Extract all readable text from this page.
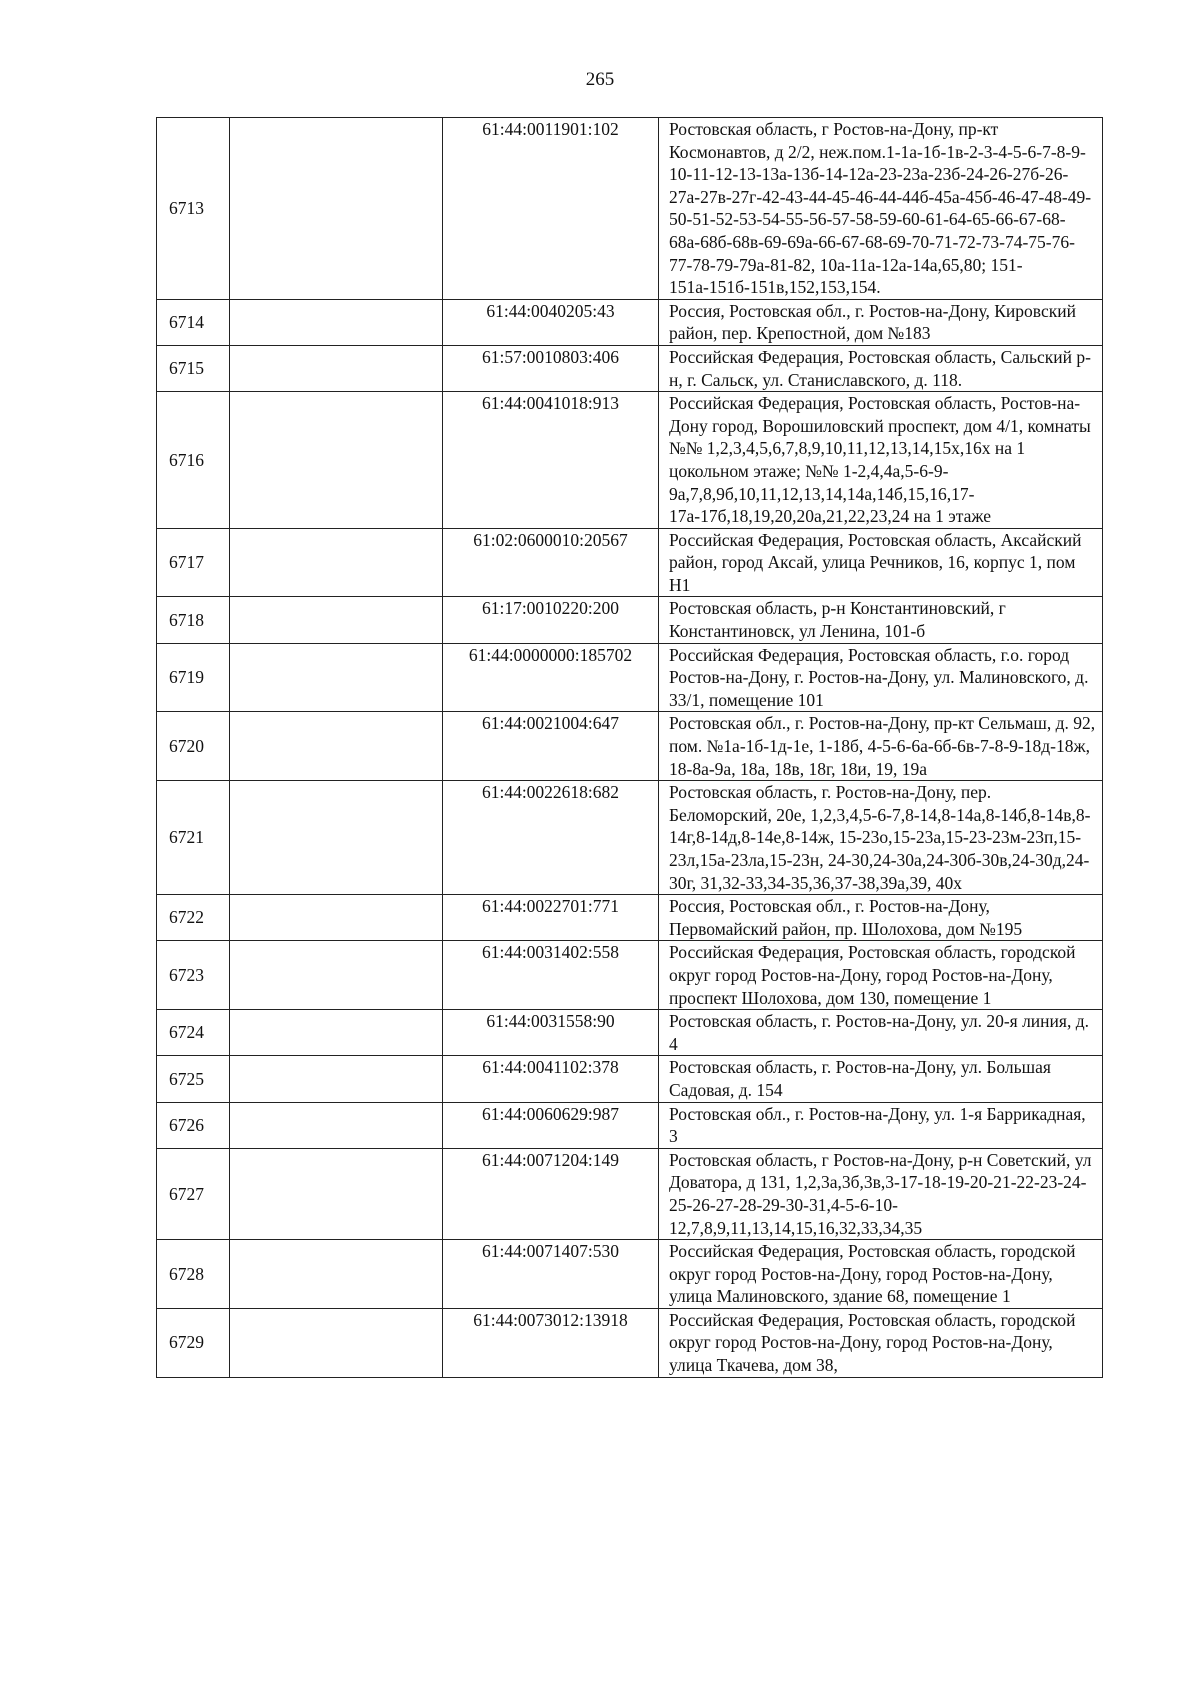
265
6713		61:44:0011901:102	Ростовская область, г Ростов-на-Дону, пр-кт Космонавтов, д 2/2, неж.пом.1-1а-1б-1в-2-3-4-5-6-7-8-9-10-11-12-13-13а-13б-14-12а-23-23а-23б-24-26-27б-26-27а-27в-27г-42-43-44-45-46-44-44б-45а-45б-46-47-48-49-50-51-52-53-54-55-56-57-58-59-60-61-64-65-66-67-68-68а-68б-68в-69-69а-66-67-68-69-70-71-72-73-74-75-76-77-78-79-79а-81-82, 10а-11а-12а-14а,65,80; 151-151а-151б-151в,152,153,154.
6714		61:44:0040205:43	Россия, Ростовская обл., г. Ростов-на-Дону, Кировский район, пер. Крепостной, дом №183
6715		61:57:0010803:406	Российская Федерация, Ростовская область, Сальский р-н, г. Сальск, ул. Станиславского, д. 118.
6716		61:44:0041018:913	Российская Федерация, Ростовская область, Ростов-на-Дону город, Ворошиловский проспект, дом 4/1, комнаты №№ 1,2,3,4,5,6,7,8,9,10,11,12,13,14,15х,16х на 1 цокольном этаже; №№ 1-2,4,4а,5-6-9-9а,7,8,9б,10,11,12,13,14,14а,14б,15,16,17-17а-17б,18,19,20,20а,21,22,23,24 на 1 этаже
6717		61:02:0600010:20567	Российская Федерация, Ростовская область, Аксайский район, город Аксай, улица Речников, 16, корпус 1, пом Н1
6718		61:17:0010220:200	Ростовская область, р-н Константиновский, г Константиновск, ул Ленина, 101-б
6719		61:44:0000000:185702	Российская Федерация, Ростовская область, г.о. город Ростов-на-Дону, г. Ростов-на-Дону, ул. Малиновского, д. 33/1, помещение 101
6720		61:44:0021004:647	Ростовская обл., г. Ростов-на-Дону, пр-кт Сельмаш, д. 92, пом. №1а-1б-1д-1е, 1-18б, 4-5-6-6а-6б-6в-7-8-9-18д-18ж, 18-8а-9а, 18а, 18в, 18г, 18и, 19, 19а
6721		61:44:0022618:682	Ростовская область, г. Ростов-на-Дону, пер. Беломорский, 20е, 1,2,3,4,5-6-7,8-14,8-14а,8-14б,8-14в,8-14г,8-14д,8-14е,8-14ж, 15-23о,15-23а,15-23-23м-23п,15-23л,15а-23ла,15-23н, 24-30,24-30а,24-30б-30в,24-30д,24-30г, 31,32-33,34-35,36,37-38,39а,39, 40х
6722		61:44:0022701:771	Россия, Ростовская обл., г. Ростов-на-Дону, Первомайский район, пр. Шолохова, дом №195
6723		61:44:0031402:558	Российская Федерация, Ростовская область, городской округ город Ростов-на-Дону, город Ростов-на-Дону, проспект Шолохова, дом 130, помещение 1
6724		61:44:0031558:90	Ростовская область, г. Ростов-на-Дону, ул. 20-я линия, д. 4
6725		61:44:0041102:378	Ростовская область, г. Ростов-на-Дону, ул. Большая Садовая, д. 154
6726		61:44:0060629:987	Ростовская обл., г. Ростов-на-Дону, ул. 1-я Баррикадная, 3
6727		61:44:0071204:149	Ростовская область, г Ростов-на-Дону, р-н Советский, ул Доватора, д 131, 1,2,3а,3б,3в,3-17-18-19-20-21-22-23-24-25-26-27-28-29-30-31,4-5-6-10-12,7,8,9,11,13,14,15,16,32,33,34,35
6728		61:44:0071407:530	Российская Федерация, Ростовская область, городской округ город Ростов-на-Дону, город Ростов-на-Дону, улица Малиновского, здание 68, помещение 1
6729		61:44:0073012:13918	Российская Федерация, Ростовская область, городской округ город Ростов-на-Дону, город Ростов-на-Дону, улица Ткачева, дом 38,
